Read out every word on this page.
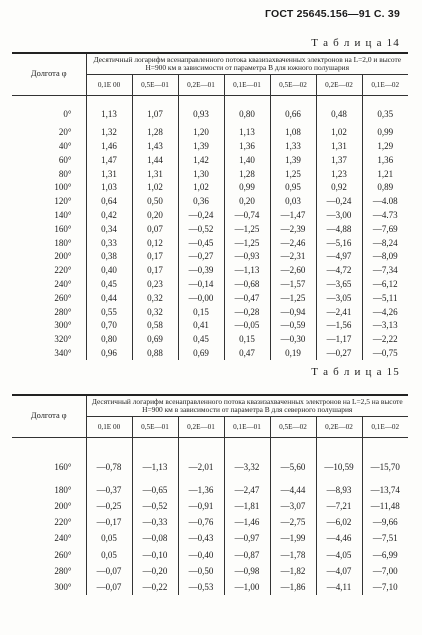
ГОСТ 25645.156—91 С. 39
Т а б л и ц а 14
Долгота φ	Десятичный логарифм всенаправленного потока квазизахваченных электронов на L=2,0 и высоте H=900 км в зависимости от параметра B для южного полушария						
	0,1E 00	0,5E—01	0,2E—01	0,1E—01	0,5E—02	0,2E—02	0,1E—02
0°	1,13	1,07	0,93	0,80	0,66	0,48	0,35
20°	1,32	1,28	1,20	1,13	1,08	1,02	0,99
40°	1,46	1,43	1,39	1,36	1,33	1,31	1,29
60°	1,47	1,44	1,42	1,40	1,39	1,37	1,36
80°	1,31	1,31	1,30	1,28	1,25	1,23	1,21
100°	1,03	1,02	1,02	0,99	0,95	0,92	0,89
120°	0,64	0,50	0,36	0,20	0,03	—0,24	—4.08
140°	0,42	0,20	—0,24	—0,74	—1,47	—3,00	—4.73
160°	0,34	0,07	—0,52	—1,25	—2,39	—4,88	—7,69
180°	0,33	0,12	—0,45	—1,25	—2,46	—5,16	—8,24
200°	0,38	0,17	—0,27	—0,93	—2,31	—4,97	—8,09
220°	0,40	0,17	—0,39	—1,13	—2,60	—4,72	—7,34
240°	0,45	0,23	—0,14	—0,68	—1,57	—3,65	—6,12
260°	0,44	0,32	—0,00	—0,47	—1,25	—3,05	—5,11
280°	0,55	0,32	0,15	—0,28	—0,94	—2,41	—4,26
300°	0,70	0,58	0,41	—0,05	—0,59	—1,56	—3,13
320°	0,80	0,69	0,45	0,15	—0,30	—1,17	—2,22
340°	0,96	0,88	0,69	0,47	0,19	—0,27	—0,75
Т а б л и ц а 15
Долгота φ	Десятичный логарифм всенаправленного потока квазизахваченных электронов на L=2,5 на высоте H=900 км в зависимости от параметра B для северного полушария						
	0,1E 00	0,5E—01	0,2E—01	0,1E—01	0,5E—02	0,2E—02	0,1E—02
160°	—0,78	—1,13	—2,01	—3,32	—5,60	—10,59	—15,70
180°	—0,37	—0,65	—1,36	—2,47	—4,44	—8,93	—13,74
200°	—0,25	—0,52	—0,91	—1,81	—3,07	—7,21	—11,48
220°	—0,17	—0,33	—0,76	—1,46	—2,75	—6,02	—9,66
240°	0,05	—0,08	—0,43	—0,97	—1,99	—4,46	—7,51
260°	0,05	—0,10	—0,40	—0,87	—1,78	—4,05	—6,99
280°	—0,07	—0,20	—0,50	—0,98	—1,82	—4,07	—7,00
300°	—0,07	—0,22	—0,53	—1,00	—1,86	—4,11	—7,10
